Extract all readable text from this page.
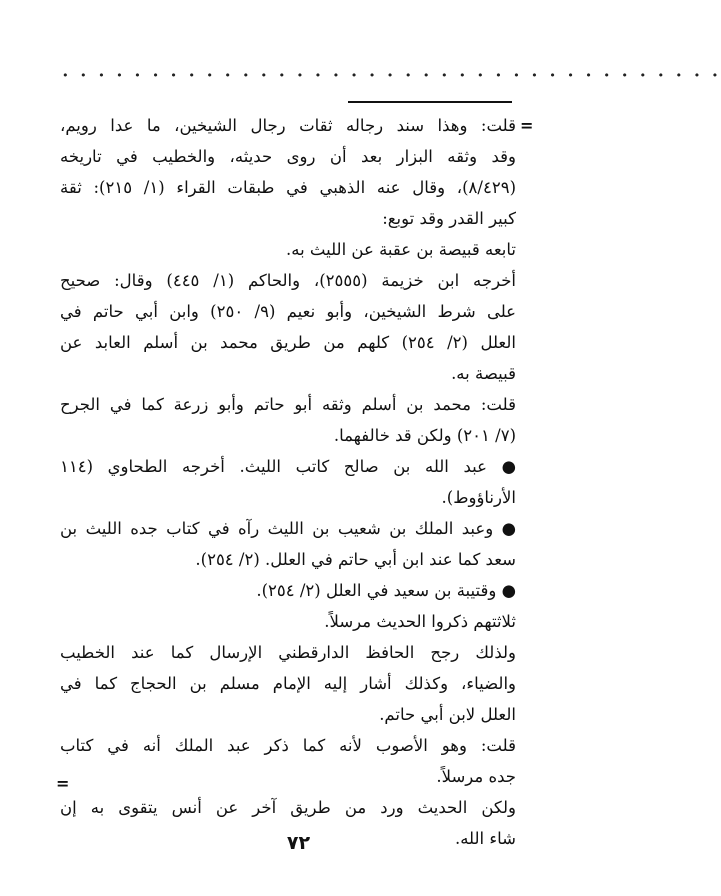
• • • • • • • • • • • • • • • • • • • • • • • • • • • • • • • • • • • • •
=
قلت: وهذا سند رجاله ثقات رجال الشيخين، ما عدا رويم،
وقد وثقه البزار بعد أن روى حديثه، والخطيب في تاريخه
(٨/٤٢٩)، وقال عنه الذهبي في طبقات القراء (١/ ٢١٥): ثقة
كبير القدر وقد توبع:
تابعه قبيصة بن عقبة عن الليث به.
أخرجه ابن خزيمة (٢٥٥٥)، والحاكم (١/ ٤٤٥) وقال: صحيح
على شرط الشيخين، وأبو نعيم (٩/ ٢٥٠) وابن أبي حاتم في
العلل (٢/ ٢٥٤) كلهم من طريق محمد بن أسلم العابد عن
قبيصة به.
قلت: محمد بن أسلم وثقه أبو حاتم وأبو زرعة كما في الجرح
(٧/ ٢٠١) ولكن قد خالفهما.
● عبد الله بن صالح كاتب الليث. أخرجه الطحاوي (١١٤
الأرناؤوط).
● وعبد الملك بن شعيب بن الليث رآه في كتاب جده الليث بن
سعد كما عند ابن أبي حاتم في العلل. (٢/ ٢٥٤).
● وقتيبة بن سعيد في العلل (٢/ ٢٥٤).
ثلاثتهم ذكروا الحديث مرسلاً.
ولذلك رجح الحافظ الدارقطني الإرسال كما عند الخطيب
والضياء، وكذلك أشار إليه الإمام مسلم بن الحجاج كما في
العلل لابن أبي حاتم.
قلت: وهو الأصوب لأنه كما ذكر عبد الملك أنه في كتاب
جده مرسلاً.
ولكن الحديث ورد من طريق آخر عن أنس يتقوى به إن
شاء الله.
=
٧٢
